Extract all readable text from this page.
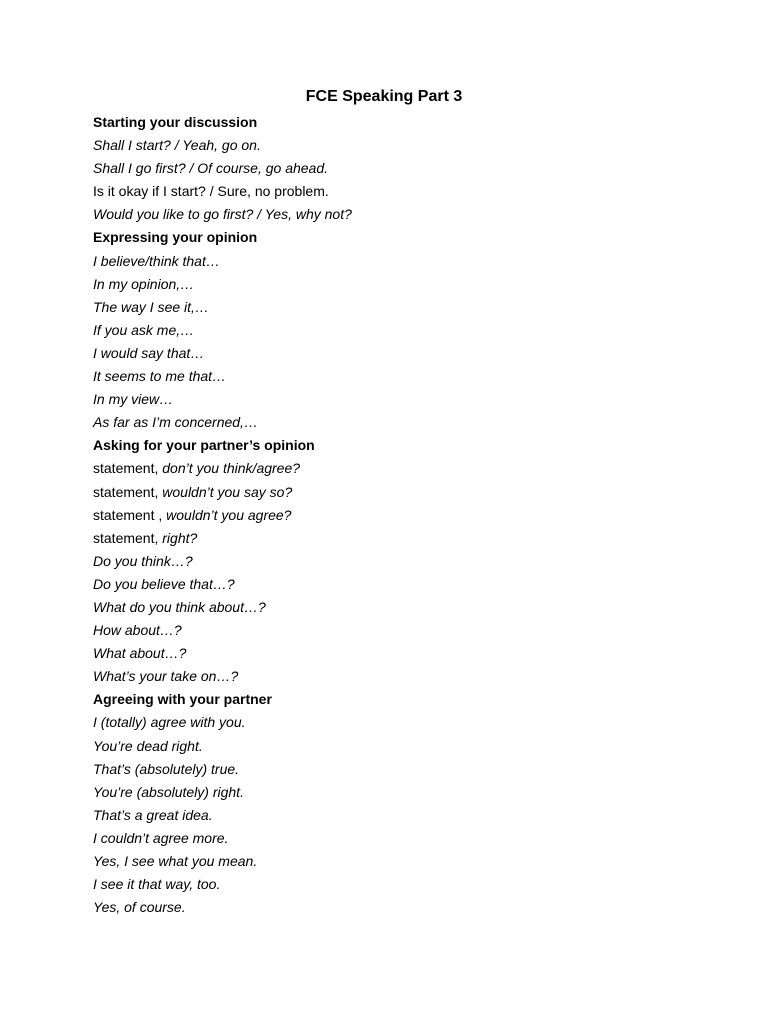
FCE Speaking Part 3
Starting your discussion
Shall I start? / Yeah, go on.
Shall I go first? / Of course, go ahead.
Is it okay if I start? / Sure, no problem.
Would you like to go first? / Yes, why not?
Expressing your opinion
I believe/think that…
In my opinion,…
The way I see it,…
If you ask me,…
I would say that…
It seems to me that…
In my view…
As far as I’m concerned,…
Asking for your partner’s opinion
statement, don’t you think/agree?
statement, wouldn’t you say so?
statement , wouldn’t you agree?
statement, right?
Do you think…?
Do you believe that…?
What do you think about…?
How about…?
What about…?
What’s your take on…?
Agreeing with your partner
I (totally) agree with you.
You’re dead right.
That’s (absolutely) true.
You’re (absolutely) right.
That’s a great idea.
I couldn’t agree more.
Yes, I see what you mean.
I see it that way, too.
Yes, of course.
